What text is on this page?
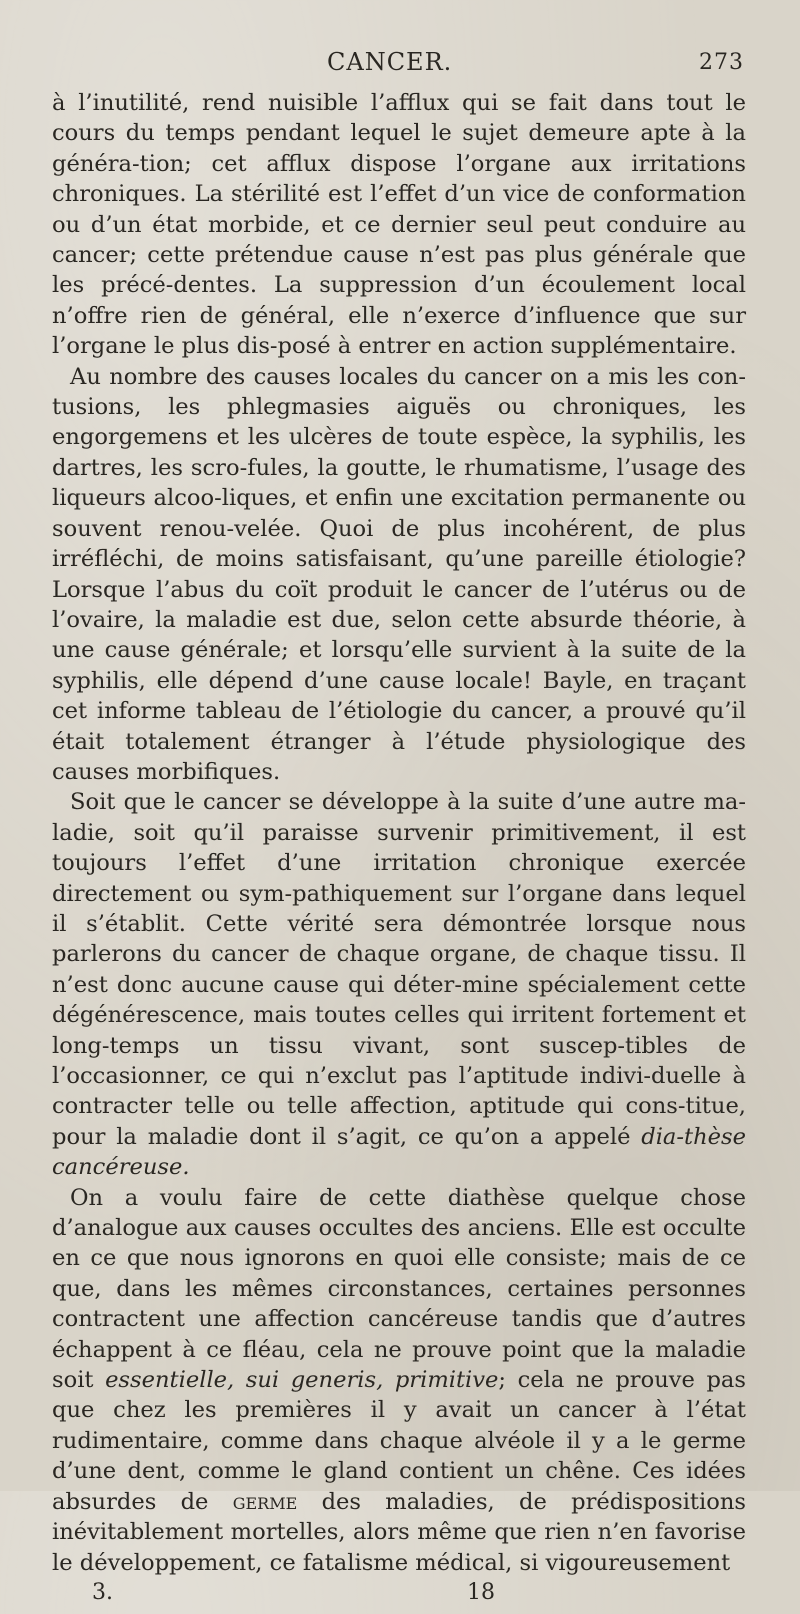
CANCER.	273

à l’inutilité, rend nuisible l’afflux qui se fait dans tout le cours du temps pendant lequel le sujet demeure apte à la généra-tion; cet afflux dispose l’organe aux irritations chroniques. La stérilité est l’effet d’un vice de conformation ou d’un état morbide, et ce dernier seul peut conduire au cancer; cette prétendue cause n’est pas plus générale que les précé-dentes. La suppression d’un écoulement local n’offre rien de général, elle n’exerce d’influence que sur l’organe le plus dis-posé à entrer en action supplémentaire.

Au nombre des causes locales du cancer on a mis les con-tusions, les phlegmasies aiguës ou chroniques, les engorgemens et les ulcères de toute espèce, la syphilis, les dartres, les scro-fules, la goutte, le rhumatisme, l’usage des liqueurs alcoo-liques, et enfin une excitation permanente ou souvent renou-velée. Quoi de plus incohérent, de plus irréfléchi, de moins satisfaisant, qu’une pareille étiologie? Lorsque l’abus du coït produit le cancer de l’utérus ou de l’ovaire, la maladie est due, selon cette absurde théorie, à une cause générale; et lorsqu’elle survient à la suite de la syphilis, elle dépend d’une cause locale! Bayle, en traçant cet informe tableau de l’étiologie du cancer, a prouvé qu’il était totalement étranger à l’étude physiologique des causes morbifiques.

Soit que le cancer se développe à la suite d’une autre ma-ladie, soit qu’il paraisse survenir primitivement, il est toujours l’effet d’une irritation chronique exercée directement ou sym-pathiquement sur l’organe dans lequel il s’établit. Cette vérité sera démontrée lorsque nous parlerons du cancer de chaque organe, de chaque tissu. Il n’est donc aucune cause qui déter-mine spécialement cette dégénérescence, mais toutes celles qui irritent fortement et long-temps un tissu vivant, sont suscep-tibles de l’occasionner, ce qui n’exclut pas l’aptitude indivi-duelle à contracter telle ou telle affection, aptitude qui cons-titue, pour la maladie dont il s’agit, ce qu’on a appelé dia-thèse cancéreuse.

On a voulu faire de cette diathèse quelque chose d’analogue aux causes occultes des anciens. Elle est occulte en ce que nous ignorons en quoi elle consiste; mais de ce que, dans les mêmes circonstances, certaines personnes contractent une affection cancéreuse tandis que d’autres échappent à ce fléau, cela ne prouve point que la maladie soit essentielle, sui generis, primitive; cela ne prouve pas que chez les premières il y avait un cancer à l’état rudimentaire, comme dans chaque alvéole il y a le germe d’une dent, comme le gland contient un chêne. Ces idées absurdes de germe des maladies, de prédispositions inévitablement mortelles, alors même que rien n’en favorise le développement, ce fatalisme médical, si vigoureusement

3.	18
